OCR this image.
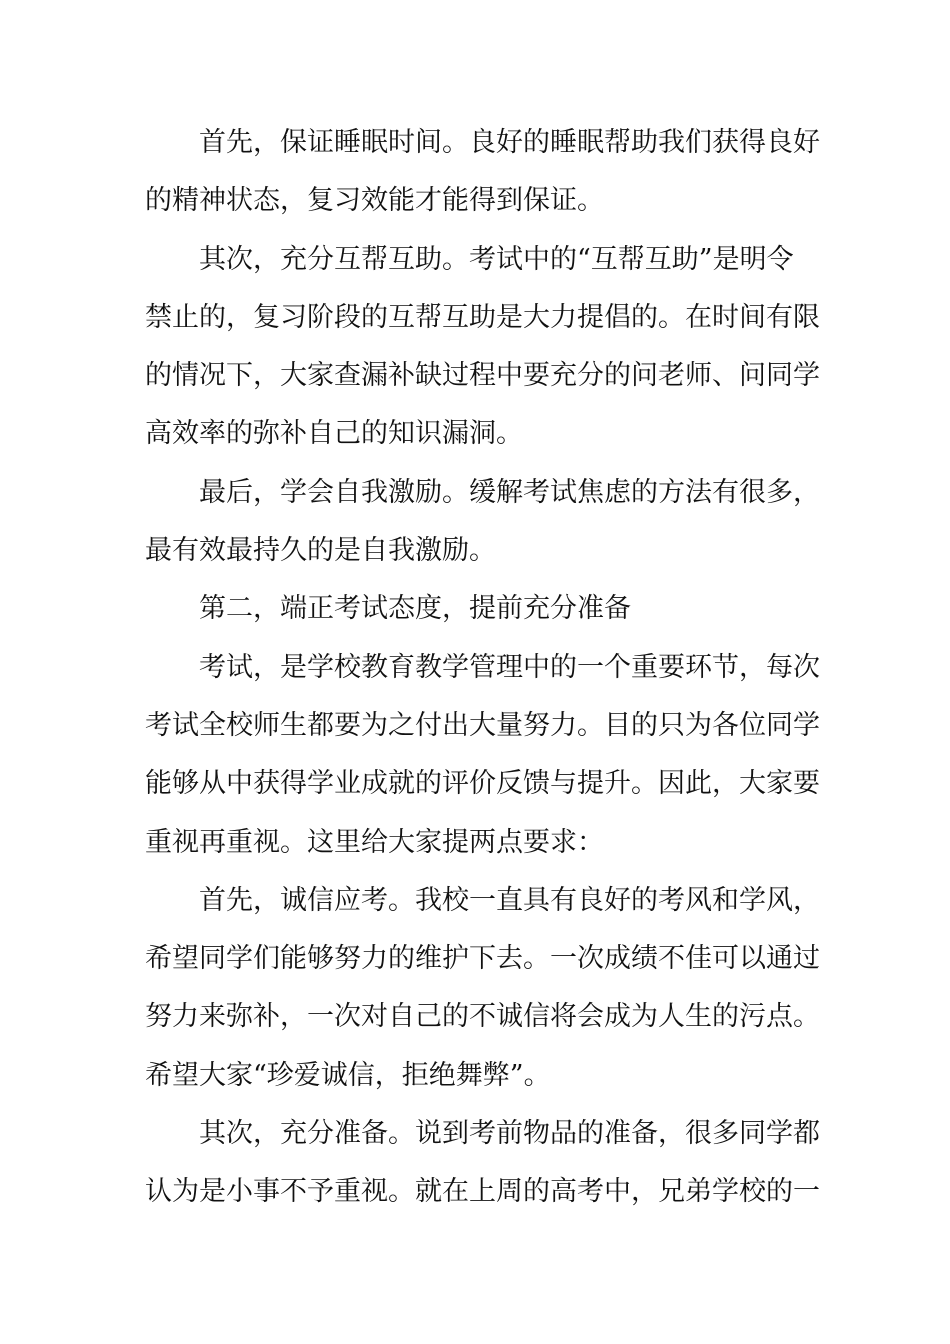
首先，保证睡眠时间。良好的睡眠帮助我们获得良好
的精神状态，复习效能才能得到保证。
其次，充分互帮互助。考试中的“互帮互助”是明令
禁止的，复习阶段的互帮互助是大力提倡的。在时间有限
的情况下，大家查漏补缺过程中要充分的问老师、问同学
高效率的弥补自己的知识漏洞。
最后，学会自我激励。缓解考试焦虑的方法有很多，
最有效最持久的是自我激励。
第二，端正考试态度，提前充分准备
考试，是学校教育教学管理中的一个重要环节，每次
考试全校师生都要为之付出大量努力。目的只为各位同学
能够从中获得学业成就的评价反馈与提升。因此，大家要
重视再重视。这里给大家提两点要求：
首先，诚信应考。我校一直具有良好的考风和学风，
希望同学们能够努力的维护下去。一次成绩不佳可以通过
努力来弥补，一次对自己的不诚信将会成为人生的污点。
希望大家“珍爱诚信，拒绝舞弊”。
其次，充分准备。说到考前物品的准备，很多同学都
认为是小事不予重视。就在上周的高考中，兄弟学校的一
